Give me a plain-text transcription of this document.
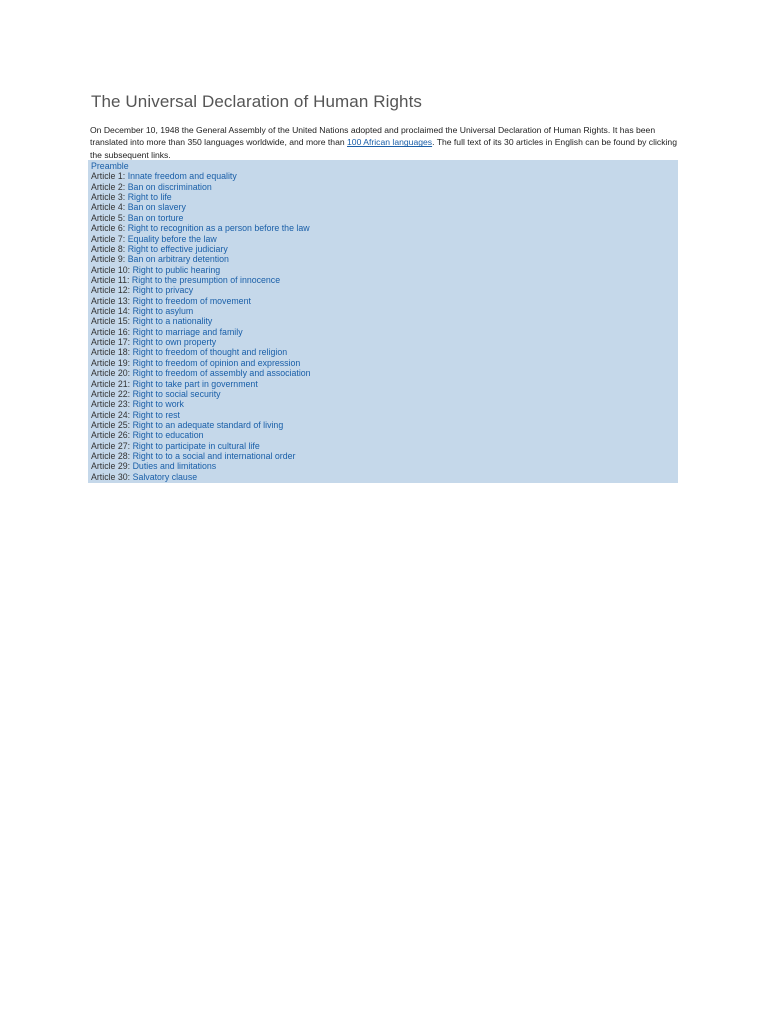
The Universal Declaration of Human Rights

On December 10, 1948 the General Assembly of the United Nations adopted and proclaimed the Universal Declaration of Human Rights. It has been translated into more than 350 languages worldwide, and more than 100 African languages. The full text of its 30 articles in English can be found by clicking the subsequent links.

Preamble
Article 1: Innate freedom and equality
Article 2: Ban on discrimination
Article 3: Right to life
Article 4: Ban on slavery
Article 5: Ban on torture
Article 6: Right to recognition as a person before the law
Article 7: Equality before the law
Article 8: Right to effective judiciary
Article 9: Ban on arbitrary detention
Article 10: Right to public hearing
Article 11: Right to the presumption of innocence
Article 12: Right to privacy
Article 13: Right to freedom of movement
Article 14: Right to asylum
Article 15: Right to a nationality
Article 16: Right to marriage and family
Article 17: Right to own property
Article 18: Right to freedom of thought and religion
Article 19: Right to freedom of opinion and expression
Article 20: Right to freedom of assembly and association
Article 21: Right to take part in government
Article 22: Right to social security
Article 23: Right to work
Article 24: Right to rest
Article 25: Right to an adequate standard of living
Article 26: Right to education
Article 27: Right to participate in cultural life
Article 28: Right to to a social and international order
Article 29: Duties and limitations
Article 30: Salvatory clause
